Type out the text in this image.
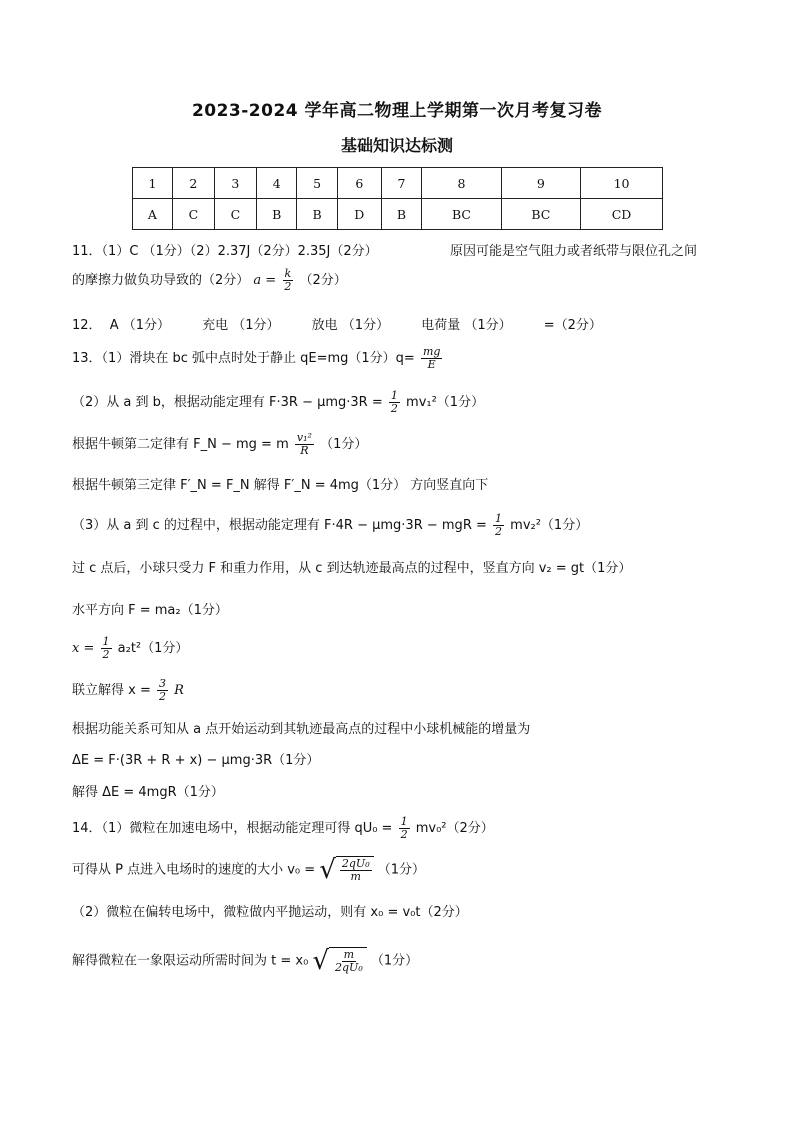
2023-2024 学年高二物理上学期第一次月考复习卷
基础知识达标测
1	2	3	4	5	6	7	8	9	10
A	C	C	B	B	D	B	BC	BC	CD
11．（1）C （1分）（2）2.37J（2分）2.35J（2分）	原因可能是空气阻力或者纸带与限位孔之间
的摩擦力做负功导致的（2分） $a = \frac{k}{2} (2$分）
12． A （1分） 充电 （1分） 放电 （1分） 电荷量 （1分） =（2分）
13．（1）滑块在 bc 弧中点时处于静止 qE=mg（1分）$q= \frac{mg}{E}$
（2）从 a 到 b，根据动能定理有 $F\cdot 3R - \mu mg\cdot 3R = \frac{1}{2} mv_1^2(1$分）
根据牛顿第二定律有 F_N − mg = m $\frac{\text{v₁²}}{R} (1$分）
根据牛顿第三定律 F′_N = F_N 解得 F′_N = 4mg（1分） 方向竖直向下
（3）从 a 到 c 的过程中，根据动能定理有 F·4R − μmg·3R − mgR = $\frac{1}{2} mv_2^2(1$分）
过 c 点后，小球只受力 F 和重力作用，从 c 到达轨迹最高点的过程中，竖直方向 v₂ = gt（1分）
水平方向 F = ma₂（1分）
$x = \frac{1}{2} a_2t^2(1$分）
联立解得 $x = \frac{3}{2}$ R
根据功能关系可知从 a 点开始运动到其轨迹最高点的过程中小球机械能的增量为
ΔE = F·(3R + R + x) − μmg·3R（1分）
解得 ΔE = 4mgR（1分）
14．（1）微粒在加速电场中，根据动能定理可得 $qU_0 = \frac{1}{2} mv_0^2(2$分）
可得从 P 点进入电场时的速度的大小 v₀ = √ $\frac{\text{2qU₀}}{m} (1$分）
（2）微粒在偏转电场中，微粒做内平抛运动，则有 x₀ = v₀t（2分）
解得微粒在一象限运动所需时间为 t = x₀ √ $\frac{m}{\text{2qU₀}} (1$分）
